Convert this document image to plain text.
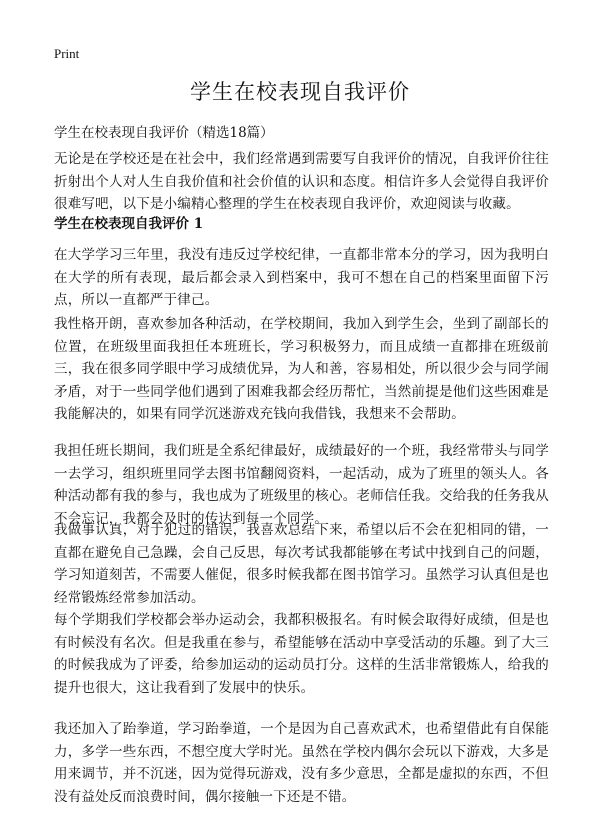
Print
学生在校表现自我评价

学生在校表现自我评价（精选18篇）

无论是在学校还是在社会中，我们经常遇到需要写自我评价的情况，自我评价往往折射出个人对人生自我价值和社会价值的认识和态度。相信许多人会觉得自我评价很难写吧，以下是小编精心整理的学生在校表现自我评价，欢迎阅读与收藏。

学生在校表现自我评价 1

在大学学习三年里，我没有违反过学校纪律，一直都非常本分的学习，因为我明白在大学的所有表现，最后都会录入到档案中，我可不想在自己的档案里面留下污点，所以一直都严于律己。

我性格开朗，喜欢参加各种活动，在学校期间，我加入到学生会，坐到了副部长的位置，在班级里面我担任本班班长，学习积极努力，而且成绩一直都排在班级前三，我在很多同学眼中学习成绩优异，为人和善，容易相处，所以很少会与同学闹矛盾，对于一些同学他们遇到了困难我都会经历帮忙，当然前提是他们这些困难是我能解决的，如果有同学沉迷游戏充钱向我借钱，我想来不会帮助。

我担任班长期间，我们班是全系纪律最好，成绩最好的一个班，我经常带头与同学一去学习，组织班里同学去图书馆翻阅资料，一起活动，成为了班里的领头人。各种活动都有我的参与，我也成为了班级里的核心。老师信任我。交给我的任务我从不会忘记，我都会及时的传达到每一个同学。

我做事认真，对于犯过的错误，我喜欢总结下来，希望以后不会在犯相同的错，一直都在避免自己急躁，会自己反思，每次考试我都能够在考试中找到自己的问题，学习知道刻苦，不需要人催促，很多时候我都在图书馆学习。虽然学习认真但是也经常锻炼经常参加活动。

每个学期我们学校都会举办运动会，我都积极报名。有时候会取得好成绩，但是也有时候没有名次。但是我重在参与，希望能够在活动中享受活动的乐趣。到了大三的时候我成为了评委，给参加运动的运动员打分。这样的生活非常锻炼人，给我的提升也很大，这让我看到了发展中的快乐。

我还加入了跆拳道，学习跆拳道，一个是因为自己喜欢武术，也希望借此有自保能力，多学一些东西，不想空度大学时光。虽然在学校内偶尔会玩以下游戏，大多是用来调节，并不沉迷，因为觉得玩游戏，没有多少意思，全都是虚拟的东西，不但没有益处反而浪费时间，偶尔接触一下还是不错。
